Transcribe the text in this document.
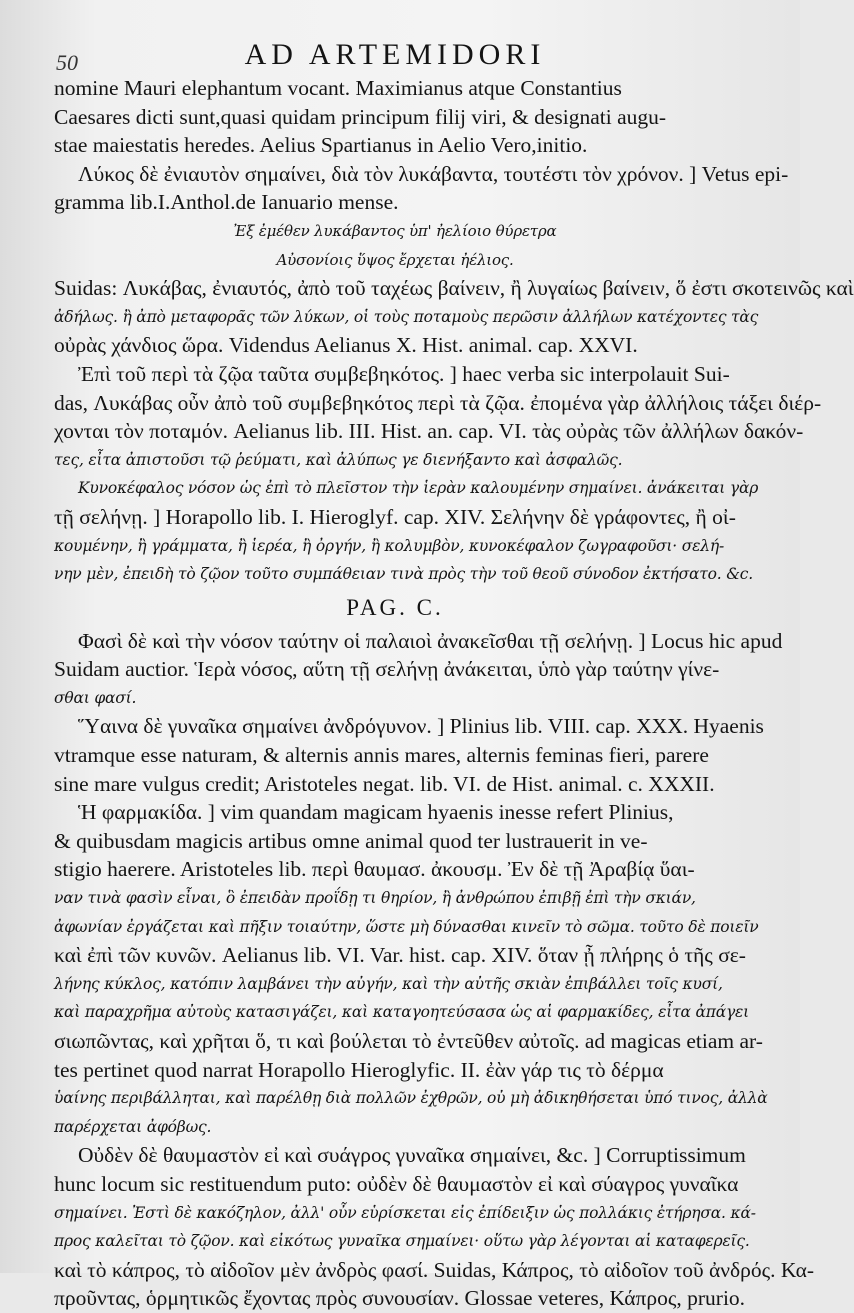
50	AD ARTEMIDORI
nomine Mauri elephantum vocant. Maximianus atque Constantius
Caesares dicti sunt,quasi quidam principum filij viri, & designati augu-
stae maiestatis heredes. Aelius Spartianus in Aelio Vero,initio.
Λύκος δὲ ἐνιαυτὸν σημαίνει, διὰ τὸν λυκάβαντα, τουτέστι τὸν χρόνον. ] Vetus epi-
gramma lib.I.Anthol.de Ianuario mense.
Ἐξ ἐμέθεν λυκάβαντος ὑπ' ἠελίοιο θύρετρα
Αὐσονίοις ὕψος ἔρχεται ἠέλιος.
Suidas: Λυκάβας, ἐνιαυτός, ἀπὸ τοῦ ταχέως βαίνειν, ἢ λυγαίως βαίνειν, ὅ ἐστι σκοτεινῶς καὶ
ἀδήλως. ἢ ἀπὸ μεταφορᾶς τῶν λύκων, οἱ τοὺς ποταμοὺς περῶσιν ἀλλήλων κατέχοντες τὰς
οὐρὰς χάνδιος ὥρα. Videndus Aelianus X. Hist. animal. cap. XXVI.
Ἐπὶ τοῦ περὶ τὰ ζῷα ταῦτα συμβεβηκότος. ] haec verba sic interpolauit Sui-
das, Λυκάβας οὖν ἀπὸ τοῦ συμβεβηκότος περὶ τὰ ζῷα. ἐπομένα γὰρ ἀλλήλοις τάξει διέρ-
χονται τὸν ποταμόν. Aelianus lib. III. Hist. an. cap. VI. τὰς οὐρὰς τῶν ἀλλήλων δακόν-
τες, εἶτα ἀπιστοῦσι τῷ ῥεύματι, καὶ ἀλύπως γε διενήξαντο καὶ ἀσφαλῶς.
Κυνοκέφαλος νόσον ὡς ἐπὶ τὸ πλεῖστον τὴν ἱερὰν καλουμένην σημαίνει. ἀνάκειται γὰρ
τῇ σελήνῃ. ] Horapollo lib. I. Hieroglyf. cap. XIV. Σελήνην δὲ γράφοντες, ἢ οἰ-
κουμένην, ἢ γράμματα, ἢ ἱερέα, ἢ ὀργήν, ἢ κολυμβὸν, κυνοκέφαλον ζωγραφοῦσι· σελή-
νην μὲν, ἐπειδὴ τὸ ζῷον τοῦτο συμπάθειαν τινὰ πρὸς τὴν τοῦ θεοῦ σύνοδον ἐκτήσατο. &c.
PAG. C.
Φασὶ δὲ καὶ τὴν νόσον ταύτην οἱ παλαιοὶ ἀνακεῖσθαι τῇ σελήνῃ. ] Locus hic apud
Suidam auctior. Ἱερὰ νόσος, αὕτη τῇ σελήνῃ ἀνάκειται, ὑπὸ γὰρ ταύτην γίνε-
σθαι φασί.
Ὕαινα δὲ γυναῖκα σημαίνει ἀνδρόγυνον. ] Plinius lib. VIII. cap. XXX. Hyaenis
vtramque esse naturam, & alternis annis mares, alternis feminas fieri, parere
sine mare vulgus credit; Aristoteles negat. lib. VI. de Hist. animal. c. XXXII.
Ἡ φαρμακίδα. ] vim quandam magicam hyaenis inesse refert Plinius,
& quibusdam magicis artibus omne animal quod ter lustrauerit in ve-
stigio haerere. Aristoteles lib. περὶ θαυμασ. ἀκουσμ. Ἐν δὲ τῇ Ἀραβίᾳ ὕαι-
ναν τινὰ φασὶν εἶναι, ὃ ἐπειδὰν προΐδῃ τι θηρίον, ἢ ἀνθρώπου ἐπιβῇ ἐπὶ τὴν σκιάν,
ἀφωνίαν ἐργάζεται καὶ πῆξιν τοιαύτην, ὥστε μὴ δύνασθαι κινεῖν τὸ σῶμα. τοῦτο δὲ ποιεῖν
καὶ ἐπὶ τῶν κυνῶν. Aelianus lib. VI. Var. hist. cap. XIV. ὅταν ᾖ πλήρης ὁ τῆς σε-
λήνης κύκλος, κατόπιν λαμβάνει τὴν αὐγήν, καὶ τὴν αὐτῆς σκιὰν ἐπιβάλλει τοῖς κυσί,
καὶ παραχρῆμα αὐτοὺς κατασιγάζει, καὶ καταγοητεύσασα ὡς αἱ φαρμακίδες, εἶτα ἀπάγει
σιωπῶντας, καὶ χρῆται ὅ, τι καὶ βούλεται τὸ ἐντεῦθεν αὐτοῖς. ad magicas etiam ar-
tes pertinet quod narrat Horapollo Hieroglyfic. II. ἐὰν γάρ τις τὸ δέρμα
ὑαίνης περιβάλληται, καὶ παρέλθῃ διὰ πολλῶν ἐχθρῶν, οὐ μὴ ἀδικηθήσεται ὑπό τινος, ἀλλὰ
παρέρχεται ἀφόβως.
Οὐδὲν δὲ θαυμαστὸν εἰ καὶ συάγρος γυναῖκα σημαίνει, &c. ] Corruptissimum
hunc locum sic restituendum puto: οὐδὲν δὲ θαυμαστὸν εἰ καὶ σύαγρος γυναῖκα
σημαίνει. Ἐστὶ δὲ κακόζηλον, ἀλλ' οὖν εὑρίσκεται εἰς ἐπίδειξιν ὡς πολλάκις ἐτήρησα. κά-
προς καλεῖται τὸ ζῷον. καὶ εἰκότως γυναῖκα σημαίνει· οὕτω γὰρ λέγονται αἱ καταφερεῖς.
καὶ τὸ κάπρος, τὸ αἰδοῖον μὲν ἀνδρὸς φασί. Suidas, Κάπρος, τὸ αἰδοῖον τοῦ ἀνδρός. Κα-
προῦντας, ὁρμητικῶς ἔχοντας πρὸς συνουσίαν. Glossae veteres, Κάπρος, prurio.
